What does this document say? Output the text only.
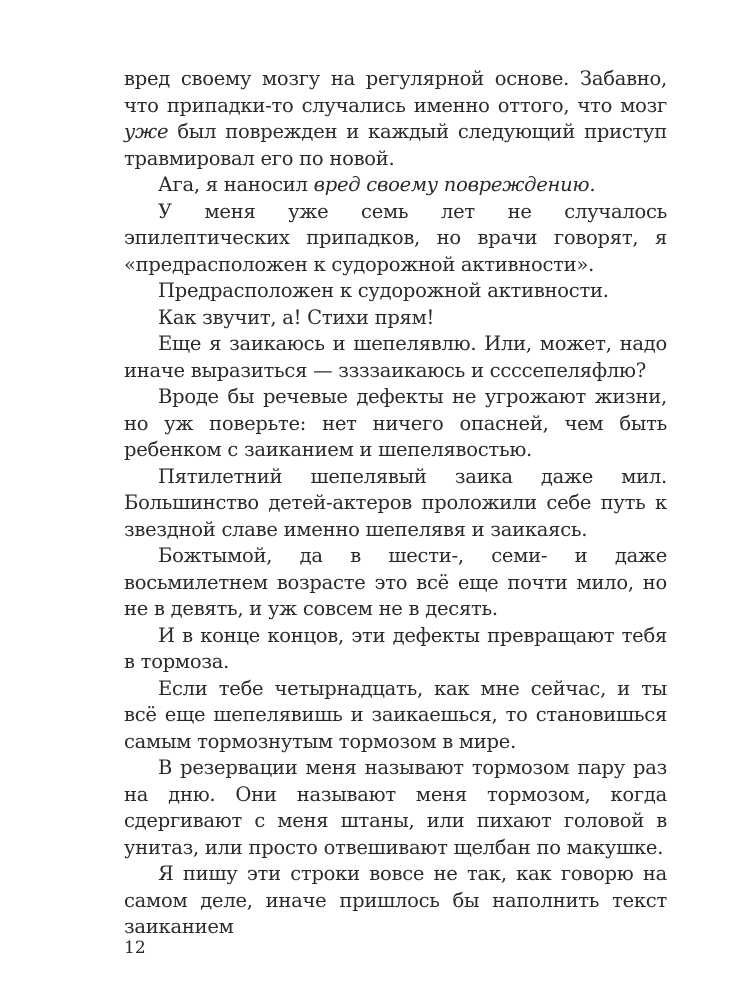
вред своему мозгу на регулярной основе. Забавно, что припадки-то случались именно оттого, что мозг уже был поврежден и каждый следующий приступ травмировал его по новой.

Ага, я наносил вред своему повреждению.

У меня уже семь лет не случалось эпилептических припадков, но врачи говорят, я «предрасположен к судорожной активности».

Предрасположен к судорожной активности.

Как звучит, а! Стихи прям!

Еще я заикаюсь и шепелявлю. Или, может, надо иначе выразиться — ззззаикаюсь и ссссепеляфлю?

Вроде бы речевые дефекты не угрожают жизни, но уж поверьте: нет ничего опасней, чем быть ребенком с заиканием и шепелявостью.

Пятилетний шепелявый заика даже мил. Большинство детей-актеров проложили себе путь к звездной славе именно шепелявя и заикаясь.

Божтымой, да в шести-, семи- и даже восьмилетнем возрасте это всё еще почти мило, но не в девять, и уж совсем не в десять.

И в конце концов, эти дефекты превращают тебя в тормоза.

Если тебе четырнадцать, как мне сейчас, и ты всё еще шепелявишь и заикаешься, то становишься самым тормознутым тормозом в мире.

В резервации меня называют тормозом пару раз на дню. Они называют меня тормозом, когда сдергивают с меня штаны, или пихают головой в унитаз, или просто отвешивают щелбан по макушке.

Я пишу эти строки вовсе не так, как говорю на самом деле, иначе пришлось бы наполнить текст заиканием

12
